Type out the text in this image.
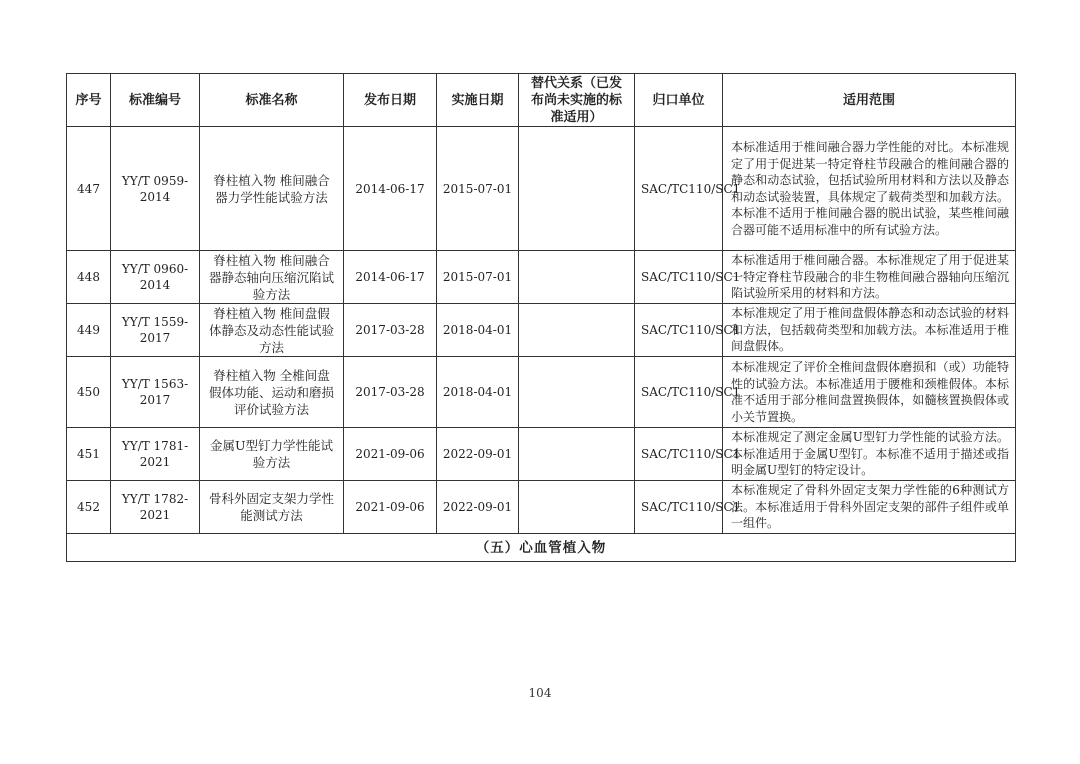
序号	标准编号	标准名称	发布日期	实施日期	替代关系（已发布尚未实施的标准适用）	归口单位	适用范围
447	YY/T 0959-2014	脊柱植入物 椎间融合器力学性能试验方法	2014-06-17	2015-07-01		SAC/TC110/SC1	本标准适用于椎间融合器力学性能的对比。本标准规定了用于促进某一特定脊柱节段融合的椎间融合器的静态和动态试验，包括试验所用材料和方法以及静态和动态试验装置，具体规定了载荷类型和加载方法。本标准不适用于椎间融合器的脱出试验，某些椎间融合器可能不适用标准中的所有试验方法。
448	YY/T 0960-2014	脊柱植入物 椎间融合器静态轴向压缩沉陷试验方法	2014-06-17	2015-07-01		SAC/TC110/SC1	本标准适用于椎间融合器。本标准规定了用于促进某一特定脊柱节段融合的非生物椎间融合器轴向压缩沉陷试验所采用的材料和方法。
449	YY/T 1559-2017	脊柱植入物 椎间盘假体静态及动态性能试验方法	2017-03-28	2018-04-01		SAC/TC110/SC1	本标准规定了用于椎间盘假体静态和动态试验的材料和方法，包括载荷类型和加载方法。本标准适用于椎间盘假体。
450	YY/T 1563-2017	脊柱植入物 全椎间盘假体功能、运动和磨损评价试验方法	2017-03-28	2018-04-01		SAC/TC110/SC1	本标准规定了评价全椎间盘假体磨损和（或）功能特性的试验方法。本标准适用于腰椎和颈椎假体。本标准不适用于部分椎间盘置换假体，如髓核置换假体或小关节置换。
451	YY/T 1781-2021	金属U型钉力学性能试验方法	2021-09-06	2022-09-01		SAC/TC110/SC1	本标准规定了测定金属U型钉力学性能的试验方法。本标准适用于金属U型钉。本标准不适用于描述或指明金属U型钉的特定设计。
452	YY/T 1782-2021	骨科外固定支架力学性能测试方法	2021-09-06	2022-09-01		SAC/TC110/SC1	本标准规定了骨科外固定支架力学性能的6种测试方法。本标准适用于骨科外固定支架的部件子组件或单一组件。
（五）心血管植入物							
104
